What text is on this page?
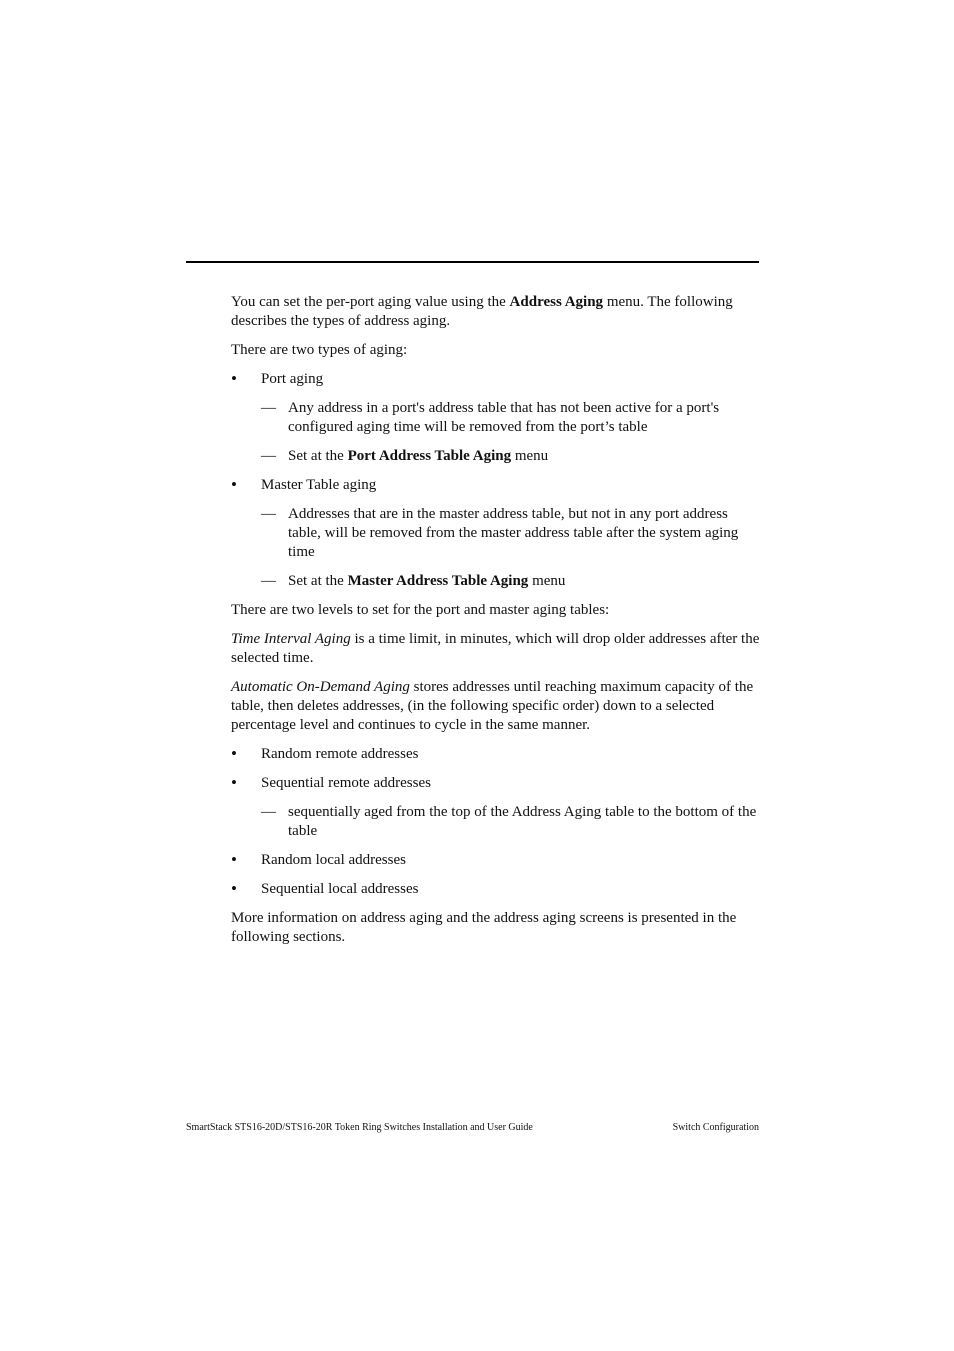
You can set the per-port aging value using the Address Aging menu. The following describes the types of address aging.

There are two types of aging:

• Port aging
— Any address in a port's address table that has not been active for a port's configured aging time will be removed from the port’s table
— Set at the Port Address Table Aging menu
• Master Table aging
— Addresses that are in the master address table, but not in any port address table, will be removed from the master address table after the system aging time
— Set at the Master Address Table Aging menu

There are two levels to set for the port and master aging tables:

Time Interval Aging is a time limit, in minutes, which will drop older addresses after the selected time.

Automatic On-Demand Aging stores addresses until reaching maximum capacity of the table, then deletes addresses, (in the following specific order) down to a selected percentage level and continues to cycle in the same manner.

• Random remote addresses
• Sequential remote addresses
— sequentially aged from the top of the Address Aging table to the bottom of the table
• Random local addresses
• Sequential local addresses

More information on address aging and the address aging screens is presented in the following sections.

SmartStack STS16-20D/STS16-20R Token Ring Switches Installation and User Guide	Switch Configuration
